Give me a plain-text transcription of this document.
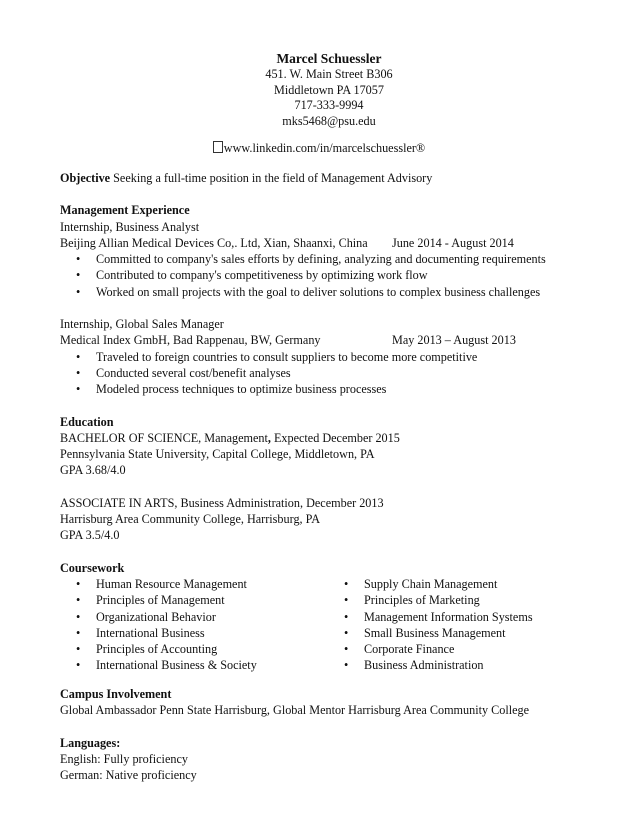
Marcel Schuessler
451. W. Main Street B306
Middletown PA 17057
717-333-9994
mks5468@psu.edu
www.linkedin.com/in/marcelschuessler®
Objective Seeking a full-time position in the field of Management Advisory
Management Experience
Internship, Business Analyst
Beijing Allian Medical Devices Co,. Ltd, Xian, Shaanxi, China June 2014 - August 2014
• Committed to company's sales efforts by defining, analyzing and documenting requirements
• Contributed to company's competitiveness by optimizing work flow
• Worked on small projects with the goal to deliver solutions to complex business challenges
Internship, Global Sales Manager
Medical Index GmbH, Bad Rappenau, BW, Germany	May 2013 – August 2013
• Traveled to foreign countries to consult suppliers to become more competitive
• Conducted several cost/benefit analyses
• Modeled process techniques to optimize business processes
Education
BACHELOR OF SCIENCE, Management, Expected December 2015
Pennsylvania State University, Capital College, Middletown, PA
GPA 3.68/4.0
ASSOCIATE IN ARTS, Business Administration, December 2013
Harrisburg Area Community College, Harrisburg, PA
GPA 3.5/4.0
Coursework
• Human Resource Management
• Principles of Management
• Organizational Behavior
• International Business
• Principles of Accounting
• International Business & Society
• Supply Chain Management
• Principles of Marketing
• Management Information Systems
• Small Business Management
• Corporate Finance
• Business Administration
Campus Involvement
Global Ambassador Penn State Harrisburg, Global Mentor Harrisburg Area Community College
Languages:
English: Fully proficiency
German: Native proficiency
